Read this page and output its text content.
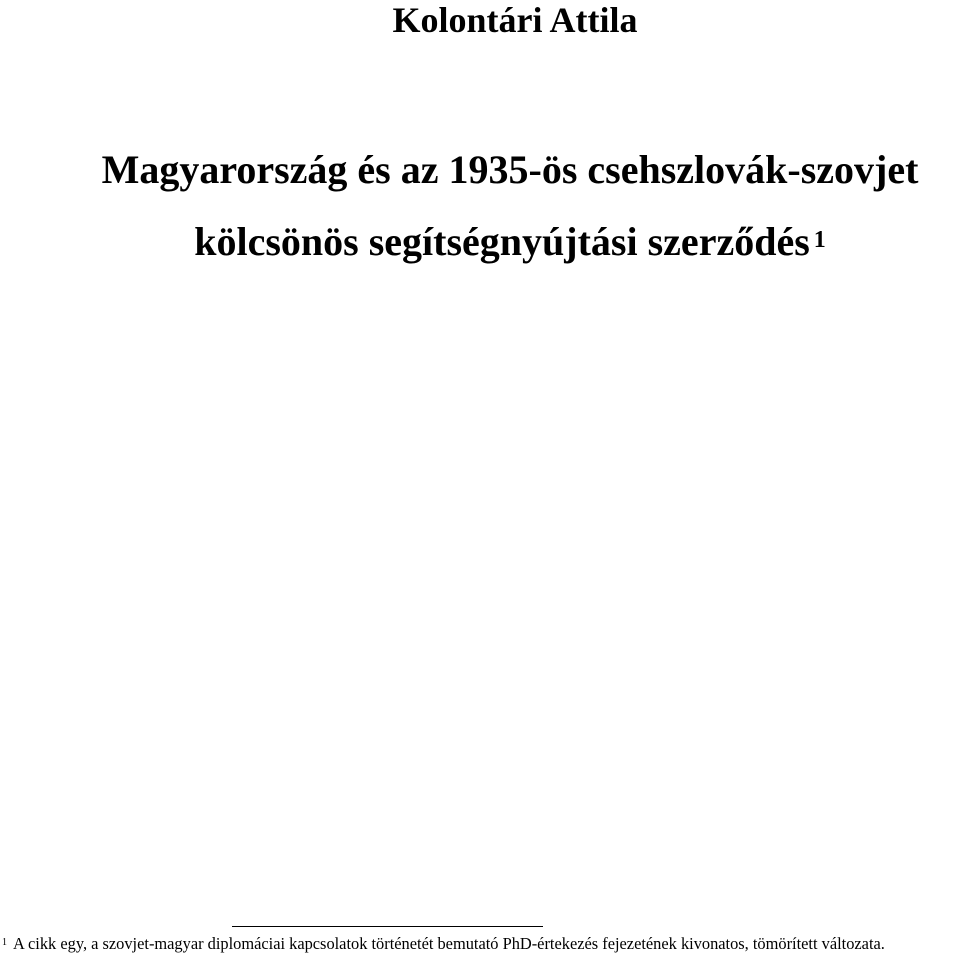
Kolontári Attila
Magyarország és az 1935-ös csehszlovák-szovjet
kölcsönös segítségnyújtási szerződés $^1$
$^1$ A cikk egy, a szovjet-magyar diplomáciai kapcsolatok történetét bemutató PhD-értekezés fejezetének kivonatos, tömörített változata.
